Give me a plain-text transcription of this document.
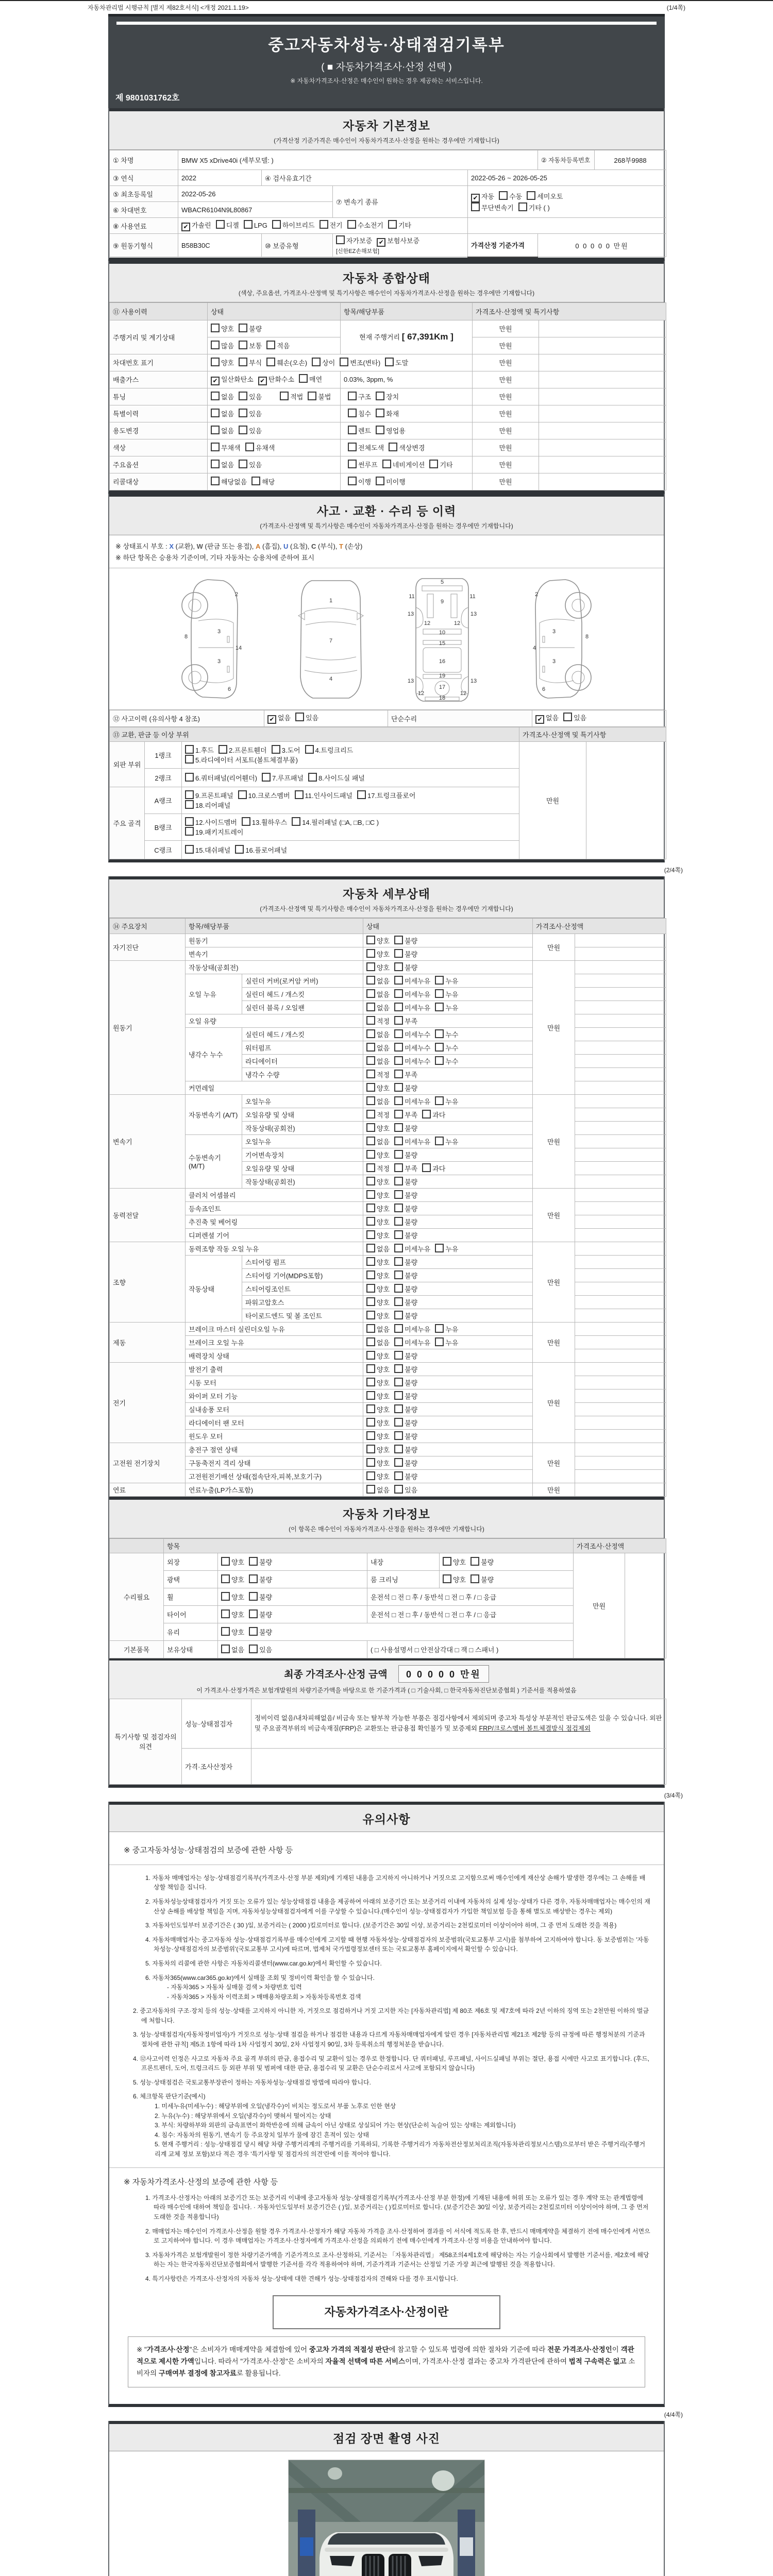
자동차관리법 시행규칙 [별지 제82호서식] <개정 2021.1.19>	(1/4쪽)
중고자동차성능·상태점검기록부
( ■ 자동차가격조사·산정 선택 )
※ 자동차가격조사·산정은 매수인이 원하는 경우 제공하는 서비스입니다.
제 9801031762호
자동차 기본정보
(가격산정 기준가격은 매수인이 자동차가격조사·산정을 원하는 경우에만 기재합니다)
① 차명	BMW X5 xDrive40i (세부모델: )				② 자동차등록번호	268부9988
③ 연식	2022	④ 검사유효기간		2022-05-26 ~ 2026-05-25		
⑤ 최초등록일	2022-05-26		⑦ 변속기 종류	✔ 자동 수동 세미오토
무단변속기 기타 ( )		
⑥ 차대번호	WBACR6104N9L80867					
⑧ 사용연료	✔ 가솔린 디젤 LPG 하이브리드 전기 수소전기 기타					
⑨ 원동기형식	B58B30C	⑩ 보증유형	자가보증 ✔ 보험사보증[신한EZ손해보험]	가격산정 기준가격	0 0 0 0 0 만원	
자동차 종합상태
(색상, 주요옵션, 가격조사·산정액 및 특기사항은 매수인이 자동차가격조사·산정을 원하는 경우에만 기재합니다)
⑪ 사용이력	상태	항목/해당부품	가격조사·산정액 및 특기사항	
주행거리 및 계기상태	양호 불량	현재 주행거리 [ 67,391Km ]	만원	
	많음 보통 적음		만원	
차대번호 표기	양호 부식 훼손(오손) 상이 변조(변타) 도말		만원	
배출가스	✔ 일산화탄소 ✔ 탄화수소 매연	0.03%, 3ppm, %	만원	
튜닝	없음 있음 적법 불법	구조 장치	만원	
특별이력	없음 있음	침수 화재	만원	
용도변경	없음 있음	렌트 영업용	만원	
색상	무채색 유채색	전체도색 색상변경	만원	
주요옵션	없음 있음	썬루프 네비게이션 기타	만원	
리콜대상	해당없음 해당	이행 미이행	만원	
사고 · 교환 · 수리 등 이력
(가격조사·산정액 및 특기사항은 매수인이 자동차가격조사·산정을 원하는 경우에만 기재합니다)
※ 상태표시 부호 : X (교환), W (판금 또는 용접), A (흠집), U (요철), C (부식), T (손상)
※ 하단 항목은 승용차 기준이며, 기타 자동차는 승용차에 준하여 표시
2
8
3
3
14
6
1
7
4
5
11	11
9
13	13
12	12
10
15
16
19
13	13
17
12	12
18
2
8
3
3
4
6
⑫ 사고이력 (유의사항 4 참조)	✔ 없음 있음	단순수리	✔ 없음 있음
⑬ 교환, 판금 등 이상 부위			가격조사·산정액 및 특기사항	
외판 부위	1랭크	1.후드 2.프론트휀더 3.도어 4.트렁크리드
5.라디에이터 서포트(볼트체결부품)	만원	
	2랭크	6.쿼터패널(리어휀더) 7.루프패널 8.사이드실 패널		
주요 골격	A랭크	9.프론트패널 10.크로스멤버 11.인사이드패널 17.트렁크플로어
18.리어패널		
	B랭크	12.사이드멤버 13.휠하우스 14.필러패널 (□A, □B, □C )
19.패키지트레이		
	C랭크	15.대쉬패널 16.플로어패널		
(2/4쪽)
자동차 세부상태
(가격조사·산정액 및 특기사항은 매수인이 자동차가격조사·산정을 원하는 경우에만 기재합니다)
⑭ 주요장치	항목/해당부품		상태	가격조사·산정액	
자기진단	원동기		양호 불량	만원	
	변속기		양호 불량		
원동기	작동상태(공회전)		양호 불량	만원	
	오일 누유	실린더 커버(로커암 커버)	없음 미세누유 누유		
		실린더 헤드 / 개스킷	없음 미세누유 누유		
		실린더 블록 / 오일팬	없음 미세누유 누유		
	오일 유량		적정 부족		
	냉각수 누수	실린더 헤드 / 개스킷	없음 미세누수 누수		
		워터펌프	없음 미세누수 누수		
		라디에이터	없음 미세누수 누수		
		냉각수 수량	적정 부족		
	커먼레일		양호 불량		
변속기	자동변속기 (A/T)	오일누유	없음 미세누유 누유	만원	
		오일유량 및 상태	적정 부족 과다		
		작동상태(공회전)	양호 불량		
	수동변속기 (M/T)	오일누유	없음 미세누유 누유		
		기어변속장치	양호 불량		
		오일유량 및 상태	적정 부족 과다		
		작동상태(공회전)	양호 불량		
동력전달	클러치 어셈블리		양호 불량	만원	
	등속죠인트		양호 불량		
	추진축 및 베어링		양호 불량		
	디퍼렌셜 기어		양호 불량		
조향	동력조향 작동 오일 누유		없음 미세누유 누유	만원	
	작동상태	스티어링 펌프	양호 불량		
		스티어링 기어(MDPS포함)	양호 불량		
		스티어링조인트	양호 불량		
		파워고압호스	양호 불량		
		타이로드엔드 및 볼 조인트	양호 불량		
제동	브레이크 마스터 실린더오일 누유		없음 미세누유 누유	만원	
	브레이크 오일 누유		없음 미세누유 누유		
	배력장치 상태		양호 불량		
전기	발전기 출력		양호 불량	만원	
	시동 모터		양호 불량		
	와이퍼 모터 기능		양호 불량		
	실내송풍 모터		양호 불량		
	라디에이터 팬 모터		양호 불량		
	윈도우 모터		양호 불량		
고전원 전기장치	충전구 절연 상태		양호 불량	만원	
	구동축전지 격리 상태		양호 불량		
	고전원전기배선 상태(접속단자,피복,보호기구)		양호 불량		
연료	연료누출(LP가스포함)		없음 있음	만원	
자동차 기타정보
(이 항목은 매수인이 자동차가격조사·산정을 원하는 경우에만 기재합니다)
	항목				가격조사·산정액	
수리필요	외장	양호 불량	내장	양호 불량	만원	
	광택	양호 불량	룸 크리닝	양호 불량		
	휠	양호 불량	운전석 □ 전 □ 후 / 동반석 □ 전 □ 후 / □ 응급			
	타이어	양호 불량	운전석 □ 전 □ 후 / 동반석 □ 전 □ 후 / □ 응급			
	유리	양호 불량				
기본품목	보유상태	없음 있음	( □ 사용설명서 □ 안전삼각대 □ 잭 □ 스패너 )			
최종 가격조사·산정 금액 0 0 0 0 0 만원
이 가격조사·산정가격은 보험개발원의 차량기준가액을 바탕으로 한 기준가격과 ( □ 기술사회, □ 한국자동차진단보증협회 ) 기준서를 적용하였음
특기사항 및 점검자의 의견	성능·상태점검자	정비이력 없음/내차피해없음/ 비금속 또는 탈부착 가능한 부품은 점검사항에서 제외되며 중고차 특성상 부분적인 판금도색은 있을 수 있습니다. 외판 및 주요골격부위의 비금속재질(FRP)은 교환또는 판금용접 확인불가 및 보증제외 FRP/크로스멤버 볼트체결방식 점검제외
	가격·조사산정자	
(3/4쪽)
유의사항
※ 중고자동차성능·상태점검의 보증에 관한 사항 등
1. 자동차 매매업자는 성능·상태점검기록부(가격조사·산정 부분 제외)에 기재된 내용을 고지하지 아니하거나 거짓으로 고지함으로써 매수인에게 재산상 손해가 발생한 경우에는 그 손해를 배상할 책임을 집니다.
2. 자동차성능상태점검자가 거짓 또는 오류가 있는 성능상태점검 내용을 제공하여 아래의 보증기간 또는 보증거리 이내에 자동차의 실제 성능·상태가 다른 경우, 자동차매매업자는 매수인의 재산상 손해를 배상할 책임을 지며, 자동차성능상태점검자에게 이를 구상할 수 있습니다.(매수인이 성능·상태점검자가 가입한 책임보험 등을 통해 별도로 배상받는 경우는 제외)
3. 자동차인도일부터 보증기간은 ( 30 )일, 보증거리는 ( 2000 )킬로미터로 합니다. (보증기간은 30일 이상, 보증거리는 2천킬로미터 이상이어야 하며, 그 중 먼저 도래한 것을 적용)
4. 자동차매매업자는 중고자동차 성능·상태점검기록부를 매수인에게 고지할 때 현행 자동차성능·상태점검자의 보증범위(국토교통부 고시)를 첨부하여 고지하여야 합니다. 동 보증범위는 '자동차성능·상태점검자의 보증범위'(국토교통부 고시)에 따르며, 법제처 국가법령정보센터 또는 국토교통부 홈페이지에서 확인할 수 있습니다.
5. 자동차의 리콜에 관한 사항은 자동차리콜센터(www.car.go.kr)에서 확인할 수 있습니다.
6. 자동차365(www.car365.go.kr)에서 실매물 조회 및 정비이력 확인을 할 수 있습니다.
- 자동차365 > 자동차 실매물 검색 > 차량번호 입력
- 자동차365 > 자동차 이력조회 > 매매용차량조회 > 자동차등록번호 검색
2. 중고자동차의 구조·장치 등의 성능·상태를 고지하지 아니한 자, 거짓으로 점검하거나 거짓 고지한 자는 [자동차관리법] 제 80조 제6호 및 제7호에 따라 2년 이하의 징역 또는 2천만원 이하의 벌금에 처합니다.
3. 성능·상태점검자(자동차정비업자)가 거짓으로 성능·상태 점검을 하거나 점검한 내용과 다르게 자동차매매업자에게 알린 경우 [자동차관리법 제21조 제2항 등의 규정에 따른 행정처분의 기준과 절차에 관한 규칙] 제5조 1항에 따라 1차 사업정지 30일, 2차 사업정지 90일, 3차 등록취소의 행정처분을 받습니다.
4. ⑫사고이력 인정은 사고로 자동차 주요 골격 부위의 판금, 용접수리 및 교환이 있는 경우로 한정합니다. 단 쿼터패널, 루프패널, 사이드실패널 부위는 절단, 용접 시에만 사고로 표기합니다. (후드, 프론트펜더, 도어, 트렁크리드 등 외판 부위 및 범퍼에 대한 판금, 용접수리 및 교환은 단순수리로서 사고에 포함되지 않습니다)
5. 성능·상태점검은 국토교통부장관이 정하는 자동차성능·상태점검 방법에 따라야 합니다.
6. 체크항목 판단기준(예시)
1. 미세누유(미세누수) : 해당부위에 오일(냉각수)이 비치는 정도로서 부품 노후로 인한 현상
2. 누유(누수) : 해당부위에서 오일(냉각수)이 맺혀서 떨어지는 상태
3. 부식: 차량하부와 외판의 금속표면이 화학반응에 의해 금속이 아닌 상태로 상실되어 가는 현상(단순히 녹슬어 있는 상태는 제외합니다)
4. 침수: 자동차의 원동기, 변속기 등 주요장치 일부가 물에 잠긴 흔적이 있는 상태
5. 현재 주행거리 : 성능·상태점검 당시 해당 차량 주행거리계의 주행거리를 기록하되, 기록한 주행거리가 자동차전산정보처리조직(자동차관리정보시스템)으로부터 받은 주행거리(주행거리계 교체 정보 포함)보다 적은 경우 '특기사항 및 점검자의 의견'란에 이를 적어야 합니다.
※ 자동차가격조사·산정의 보증에 관한 사항 등
1. 가격조사·산정자는 아래의 보증기간 또는 보증거리 이내에 중고자동차 성능·상태점검기록부(가격조사·산정 부분 한정)에 기재된 내용에 허위 또는 오류가 있는 경우 계약 또는 관계법령에 따라 매수인에 대하여 책임을 집니다. · 자동차인도일부터 보증기간은 ( )일, 보증거리는 ( )킬로미터로 합니다. (보증기간은 30일 이상, 보증거리는 2천킬로미터 이상이어야 하며, 그 중 먼저 도래한 것을 적용합니다)
2. 매매업자는 매수인이 가격조사·산정을 원할 경우 가격조사·산정자가 해당 자동차 가격을 조사·산정하여 결과를 이 서식에 적도록 한 후, 반드시 매매계약을 체결하기 전에 매수인에게 서면으로 고지하여야 합니다. 이 경우 매매업자는 가격조사·산정자에게 가격조사·산정을 의뢰하기 전에 매수인에게 가격조사·산정 비용을 안내하여야 합니다.
3. 자동차가격은 보험개발원이 정한 차량기준가액을 기준가격으로 조사·산정하되, 기준서는 「자동차관리법」 제58조의4제1호에 해당하는 자는 기술사회에서 발행한 기준서를, 제2호에 해당하는 자는 한국자동차진단보증협회에서 발행한 기준서를 각각 적용하여야 하며, 기준가격과 기준서는 산정일 기준 가장 최근에 발행된 것을 적용합니다.
4. 특기사항란은 가격조사·산정자의 자동차 성능·상태에 대한 견해가 성능·상태점검자의 견해와 다를 경우 표시합니다.
자동차가격조사·산정이란
※ "가격조사·산정"은 소비자가 매매계약을 체결함에 있어 중고차 가격의 적절성 판단에 참고할 수 있도록 법령에 의한 절차와 기준에 따라 전문 가격조사·산정인이 객관적으로 제시한 가액입니다. 따라서 "가격조사·산정"은 소비자의 자율적 선택에 따른 서비스이며, 가격조사·산정 결과는 중고차 가격판단에 관하여 법적 구속력은 없고 소비자의 구매여부 결정에 참고자료로 활용됩니다.
(4/4쪽)
점검 장면 촬영 사진
